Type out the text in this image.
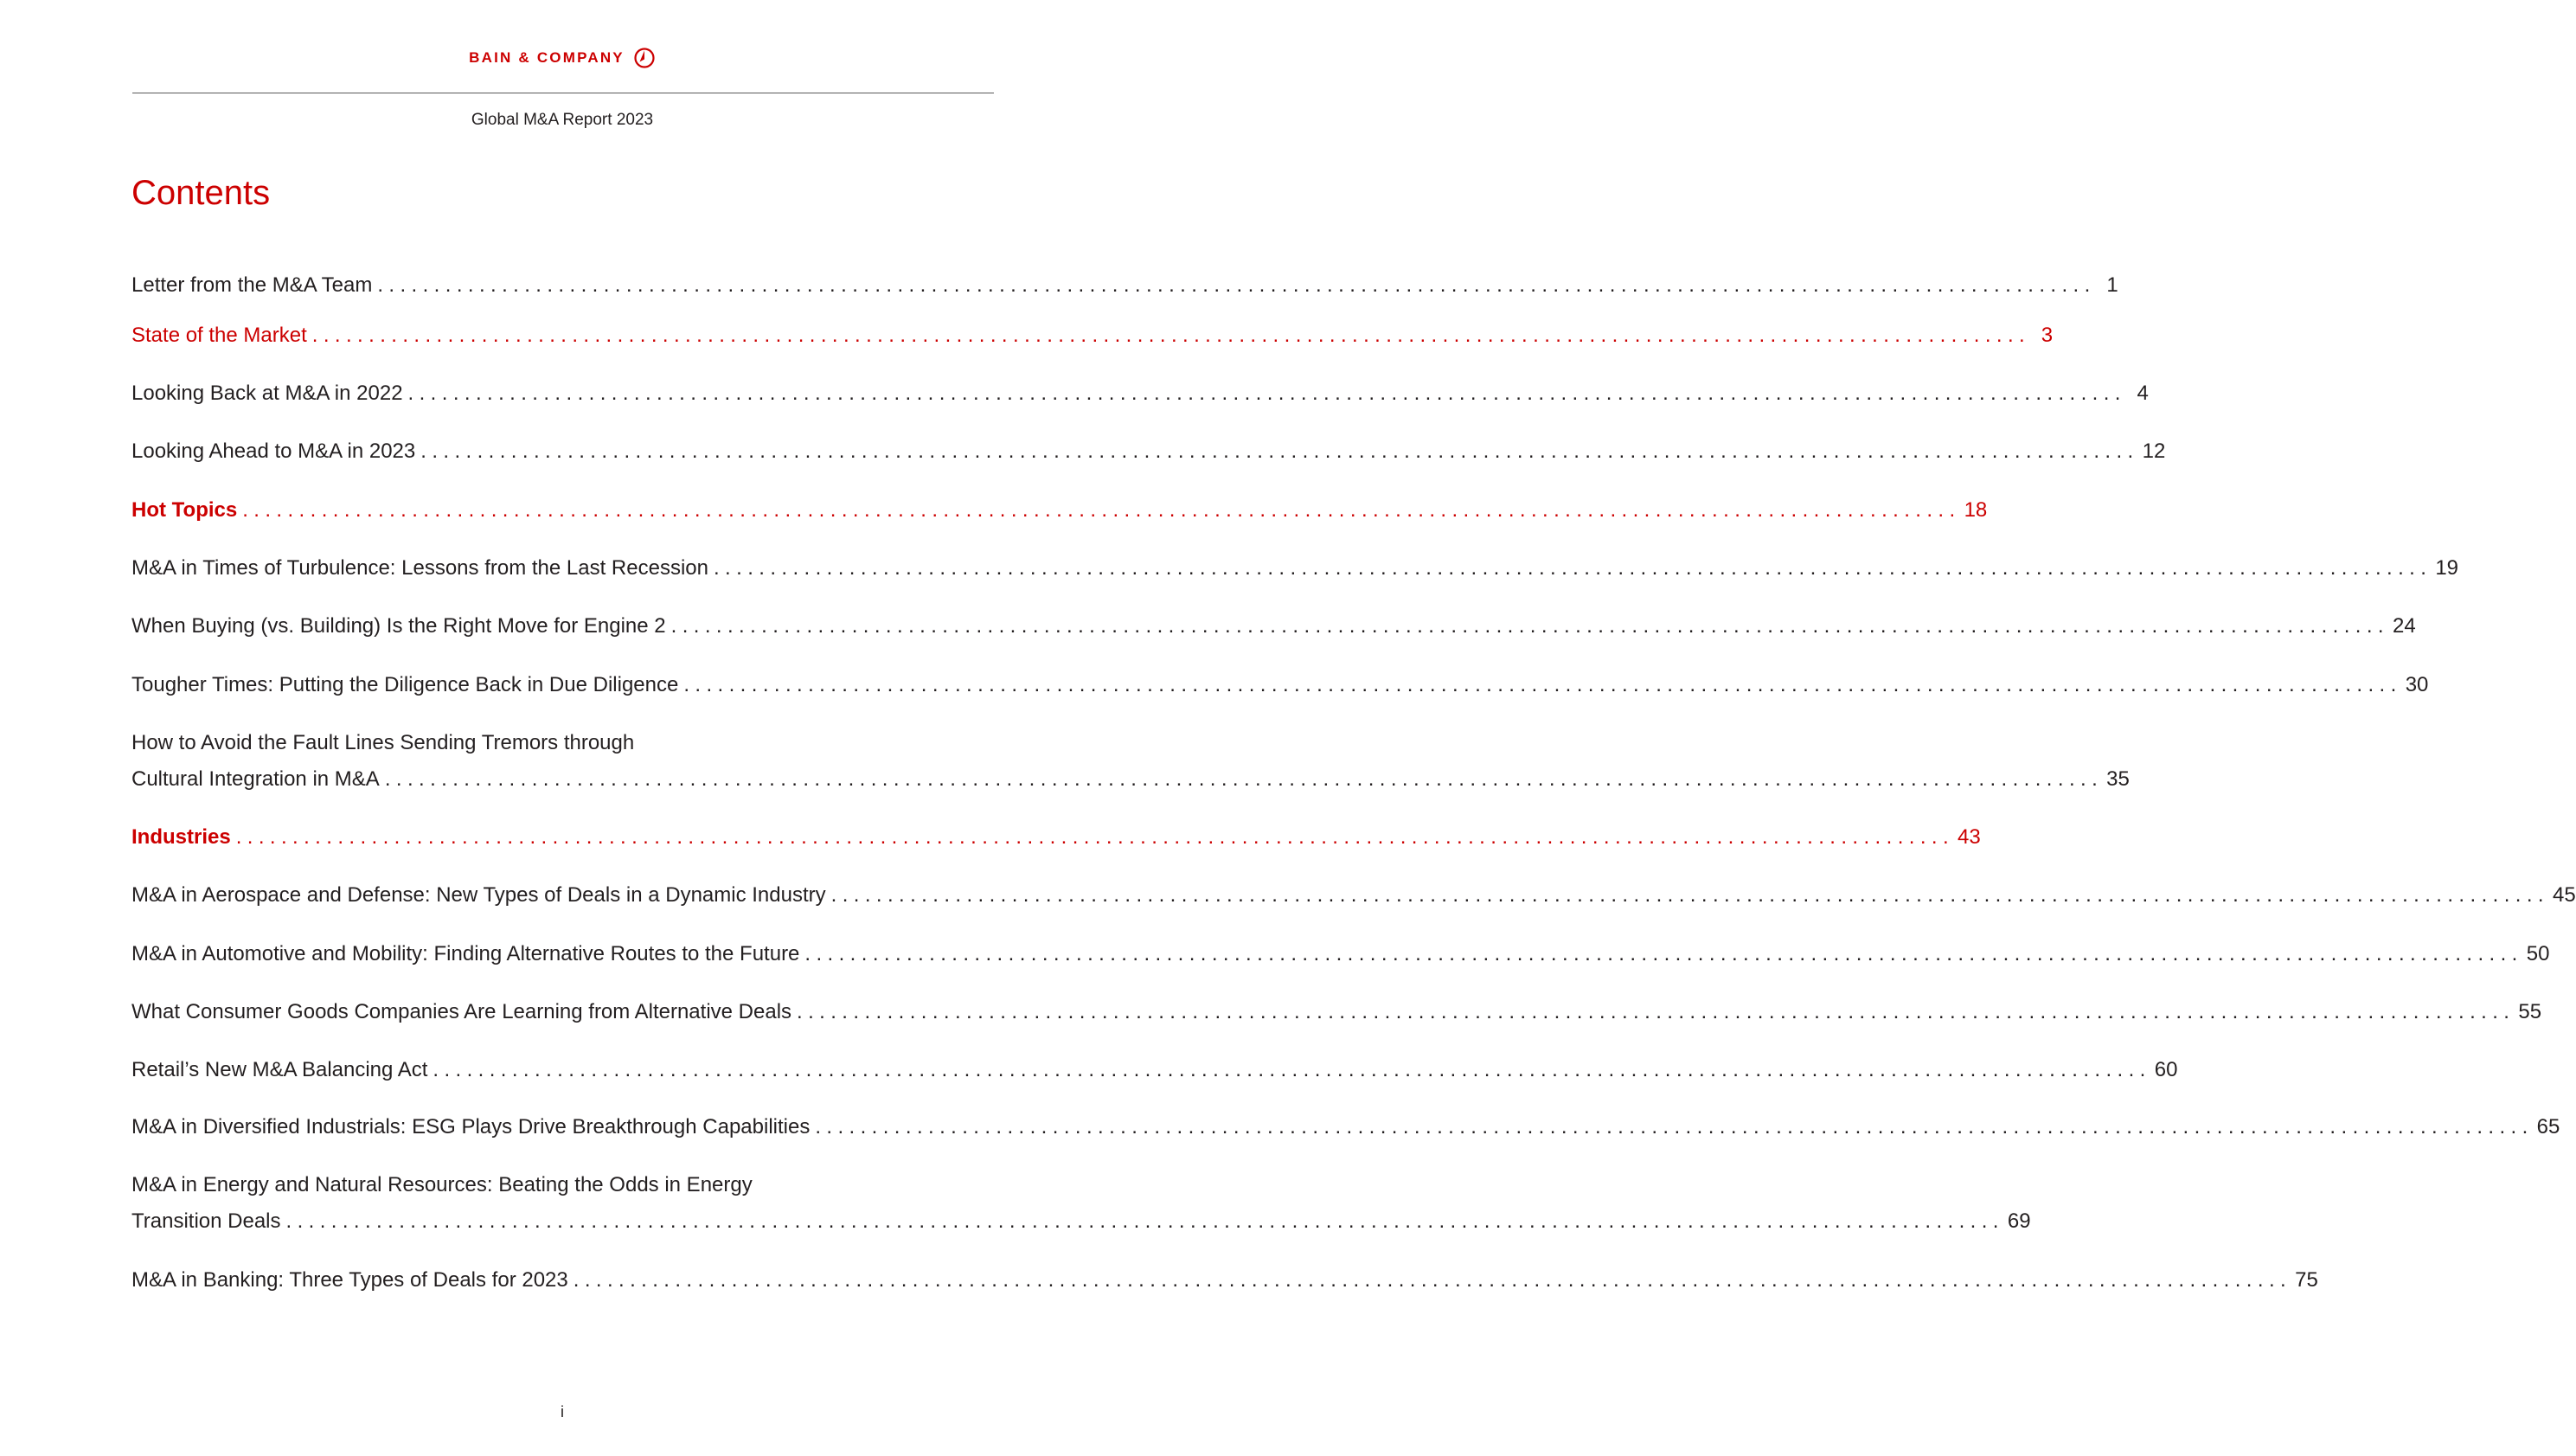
BAIN & COMPANY
Global M&A Report 2023
Contents
Letter from the M&A Team ........................................................................................................................................................ 1
State of the Market ........................................................................................................................................................ 3
Looking Back at M&A in 2022 ........................................................................................................................................................ 4
Looking Ahead to M&A in 2023 ........................................................................................................................................................ 12
Hot Topics ........................................................................................................................................................ 18
M&A in Times of Turbulence: Lessons from the Last Recession ........................................................................................................................................................ 19
When Buying (vs. Building) Is the Right Move for Engine 2 ........................................................................................................................................................ 24
Tougher Times: Putting the Diligence Back in Due Diligence ........................................................................................................................................................ 30
How to Avoid the Fault Lines Sending Tremors through
Cultural Integration in M&A ........................................................................................................................................................ 35
Industries ........................................................................................................................................................ 43
M&A in Aerospace and Defense: New Types of Deals in a Dynamic Industry ........................................................................................................................................................ 45
M&A in Automotive and Mobility: Finding Alternative Routes to the Future ........................................................................................................................................................ 50
What Consumer Goods Companies Are Learning from Alternative Deals ........................................................................................................................................................ 55
Retail’s New M&A Balancing Act ........................................................................................................................................................ 60
M&A in Diversified Industrials: ESG Plays Drive Breakthrough Capabilities ........................................................................................................................................................ 65
M&A in Energy and Natural Resources: Beating the Odds in Energy
Transition Deals ........................................................................................................................................................ 69
M&A in Banking: Three Types of Deals for 2023 ........................................................................................................................................................ 75
i
